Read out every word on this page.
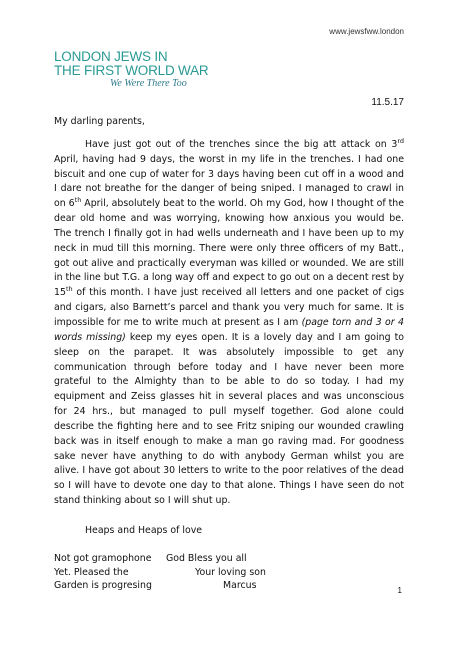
www.jewsfww.london
LONDON JEWS IN
THE FIRST WORLD WAR
We Were There Too
11.5.17

My darling parents,

Have just got out of the trenches since the big att attack on 3rd April, having had 9 days, the worst in my life in the trenches. I had one biscuit and one cup of water for 3 days having been cut off in a wood and I dare not breathe for the danger of being sniped. I managed to crawl in on 6th April, absolutely beat to the world. Oh my God, how I thought of the dear old home and was worrying, knowing how anxious you would be. The trench I finally got in had wells underneath and I have been up to my neck in mud till this morning. There were only three officers of my Batt., got out alive and practically everyman was killed or wounded. We are still in the line but T.G. a long way off and expect to go out on a decent rest by 15th of this month. I have just received all letters and one packet of cigs and cigars, also Barnett’s parcel and thank you very much for same. It is impossible for me to write much at present as I am (page torn and 3 or 4 words missing) keep my eyes open. It is a lovely day and I am going to sleep on the parapet. It was absolutely impossible to get any communication through before today and I have never been more grateful to the Almighty than to be able to do so today. I had my equipment and Zeiss glasses hit in several places and was unconscious for 24 hrs., but managed to pull myself together. God alone could describe the fighting here and to see Fritz sniping our wounded crawling back was in itself enough to make a man go raving mad. For goodness sake never have anything to do with anybody German whilst you are alive. I have got about 30 letters to write to the poor relatives of the dead so I will have to devote one day to that alone. Things I have seen do not stand thinking about so I will shut up.

Heaps and Heaps of love

Not got gramophone God Bless you all
Yet. Pleased the	Your loving son
Garden is progresing	Marcus	1
